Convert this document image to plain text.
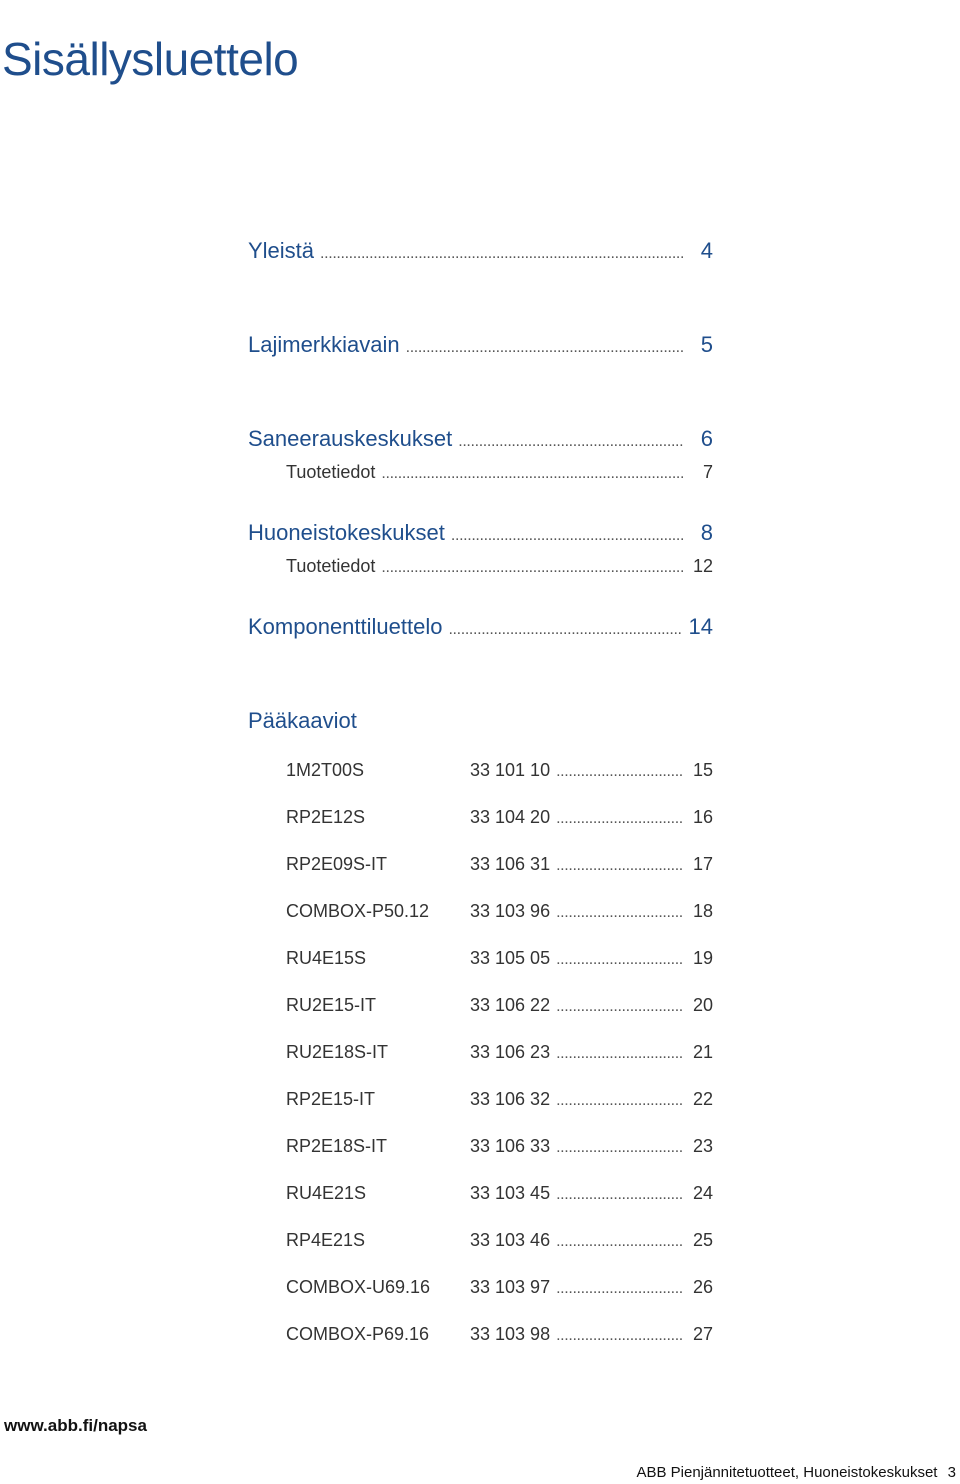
Sisällysluettelo
Yleistä . . .	4
Lajimerkkiavain . . .	5
Saneerauskeskukset . . .	6
Tuotetiedot . . .	7
Huoneistokeskukset . . .	8
Tuotetiedot . . .	12
Komponenttiluettelo . . .	14
Pääkaaviot
1M2T00S	33 101 10 . . .	15
RP2E12S	33 104 20 . . .	16
RP2E09S-IT	33 106 31 . . .	17
COMBOX-P50.12	33 103 96 . . .	18
RU4E15S	33 105 05 . . .	19
RU2E15-IT	33 106 22 . . .	20
RU2E18S-IT	33 106 23 . . .	21
RP2E15-IT	33 106 32 . . .	22
RP2E18S-IT	33 106 33 . . .	23
RU4E21S	33 103 45 . . .	24
RP4E21S	33 103 46 . . .	25
COMBOX-U69.16	33 103 97 . . .	26
COMBOX-P69.16	33 103 98 . . .	27
www.abb.fi/napsa
ABB Pienjännitetuotteet, Huoneistokeskukset 3
